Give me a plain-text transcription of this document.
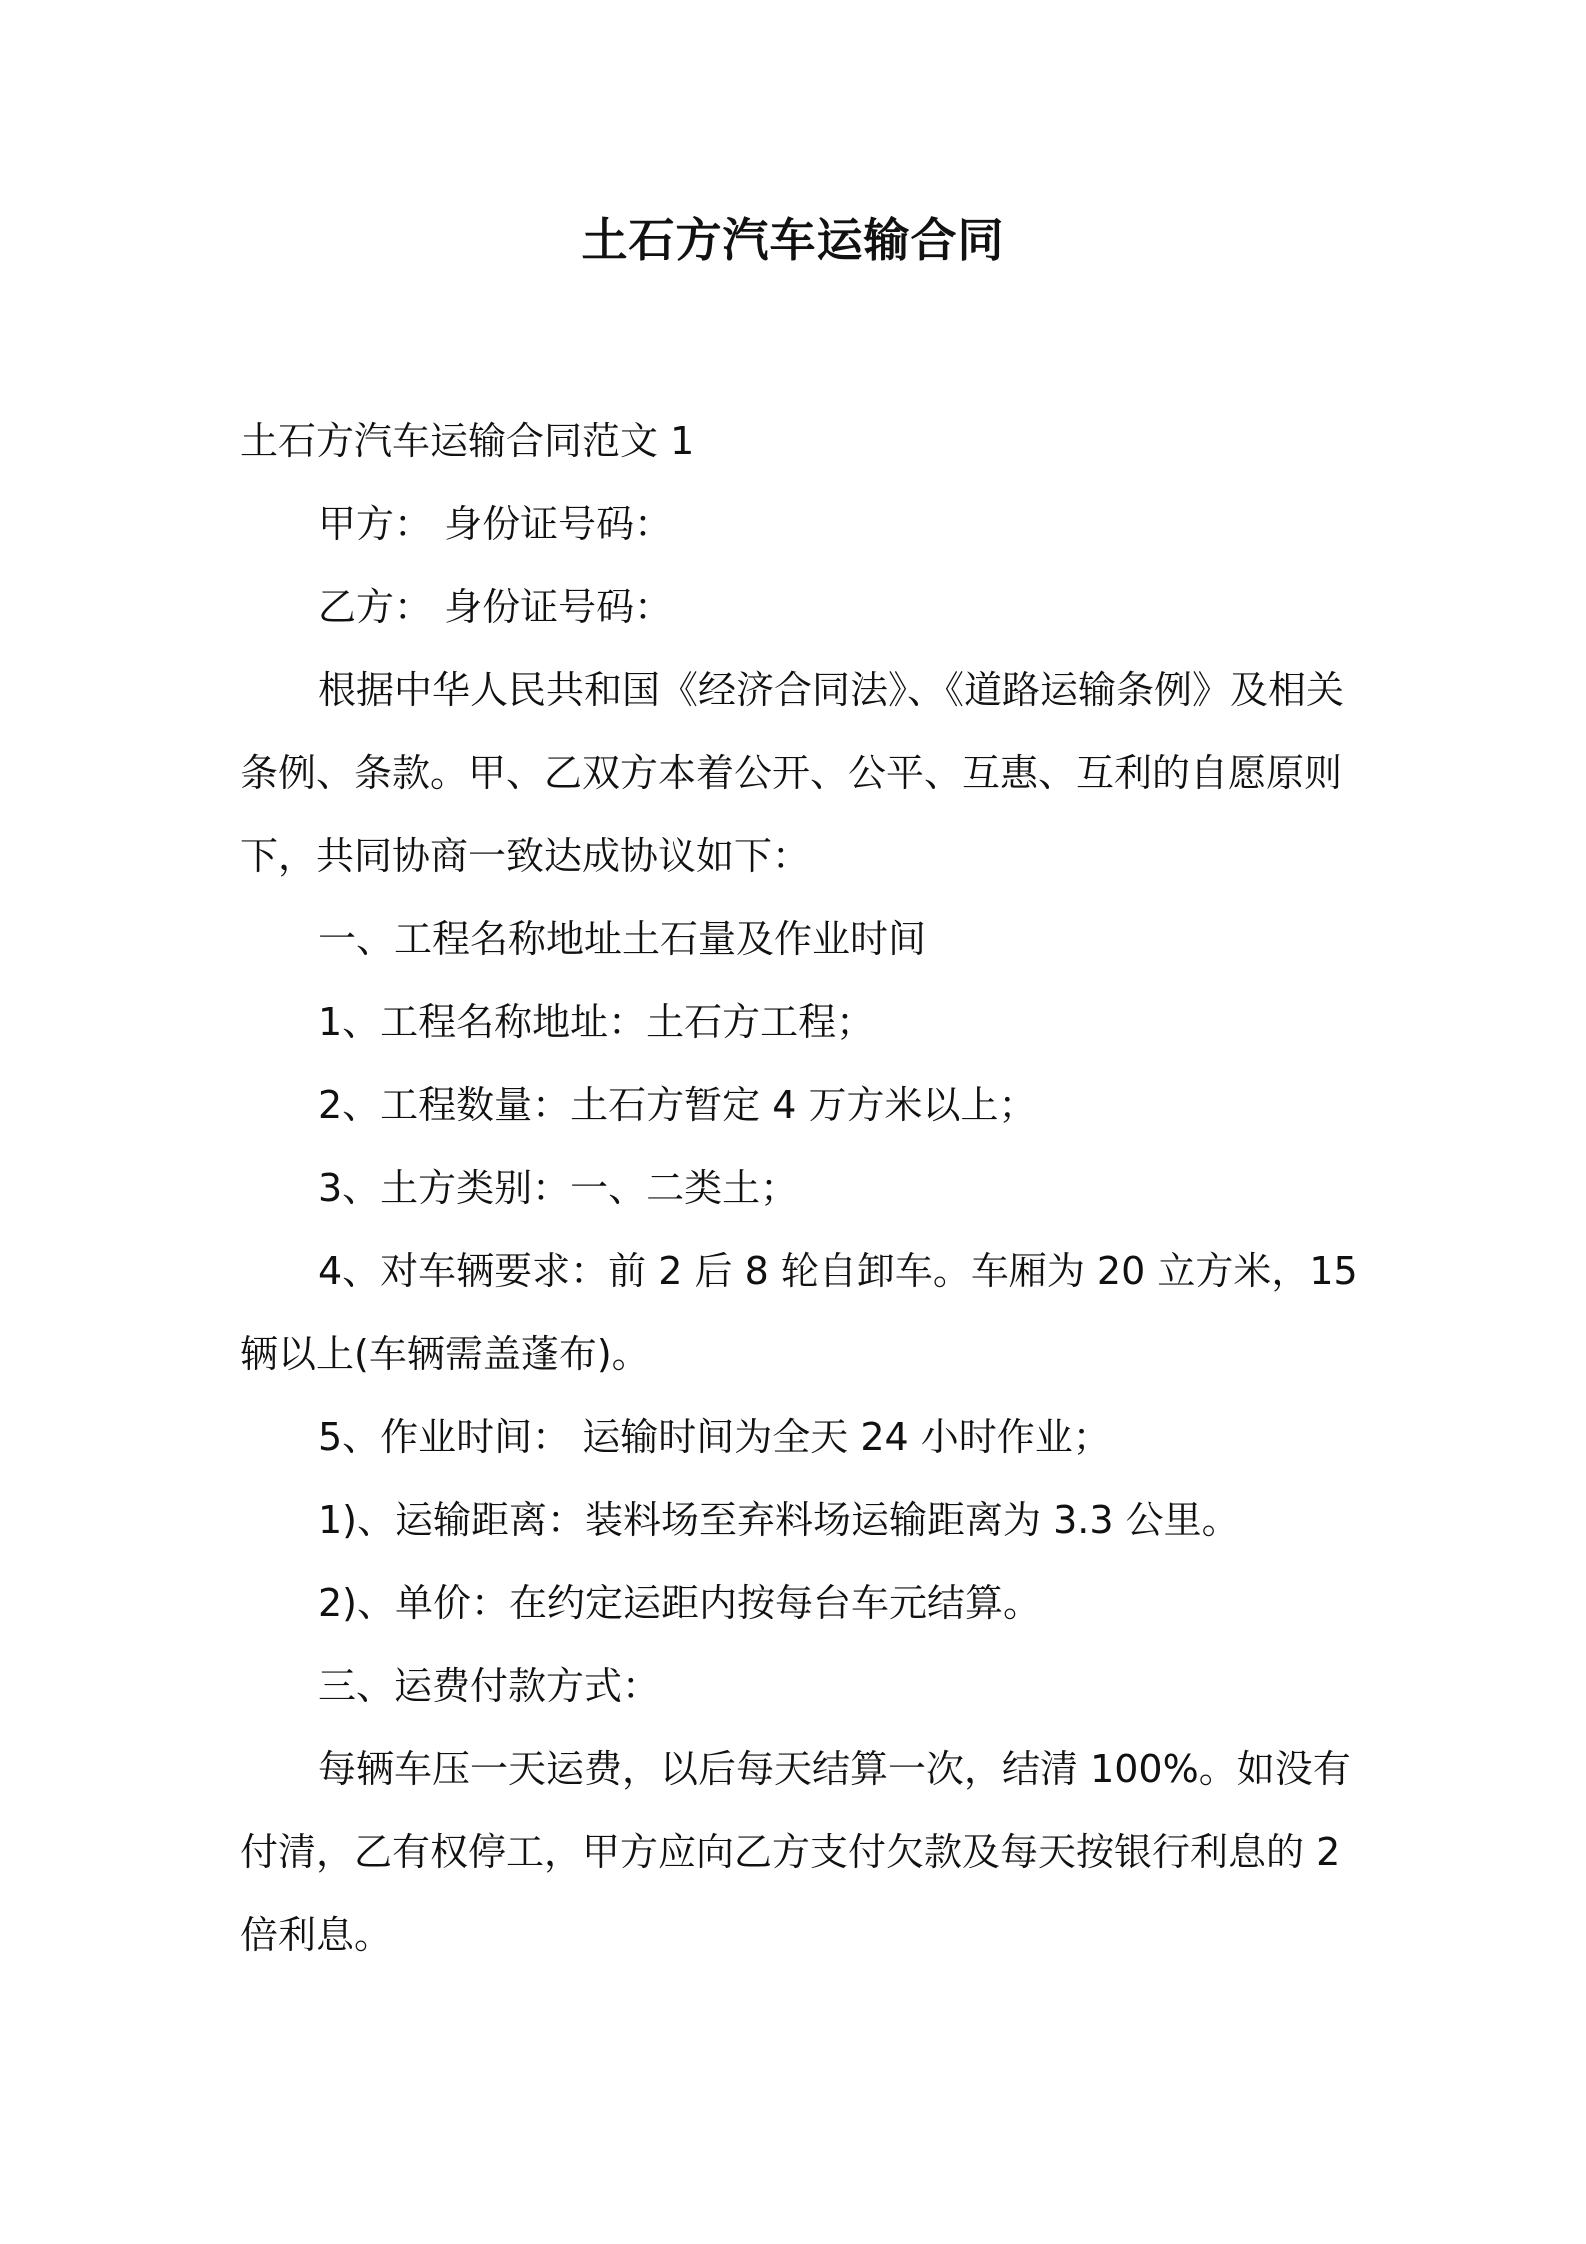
土石方汽车运输合同

土石方汽车运输合同范文 1

甲方： 身份证号码：

乙方： 身份证号码：

根据中华人民共和国《经济合同法》、《道路运输条例》及相关条例、条款。甲、乙双方本着公开、公平、互惠、互利的自愿原则下，共同协商一致达成协议如下：

一、工程名称地址土石量及作业时间

1、工程名称地址：土石方工程；

2、工程数量：土石方暂定 4 万方米以上；

3、土方类别：一、二类土；

4、对车辆要求：前 2 后 8 轮自卸车。车厢为 20 立方米，15 辆以上(车辆需盖蓬布)。

5、作业时间： 运输时间为全天 24 小时作业；

1)、运输距离：装料场至弃料场运输距离为 3.3 公里。

2)、单价：在约定运距内按每台车元结算。

三、运费付款方式：

每辆车压一天运费，以后每天结算一次，结清 100%。如没有付清，乙有权停工，甲方应向乙方支付欠款及每天按银行利息的 2 倍利息。
